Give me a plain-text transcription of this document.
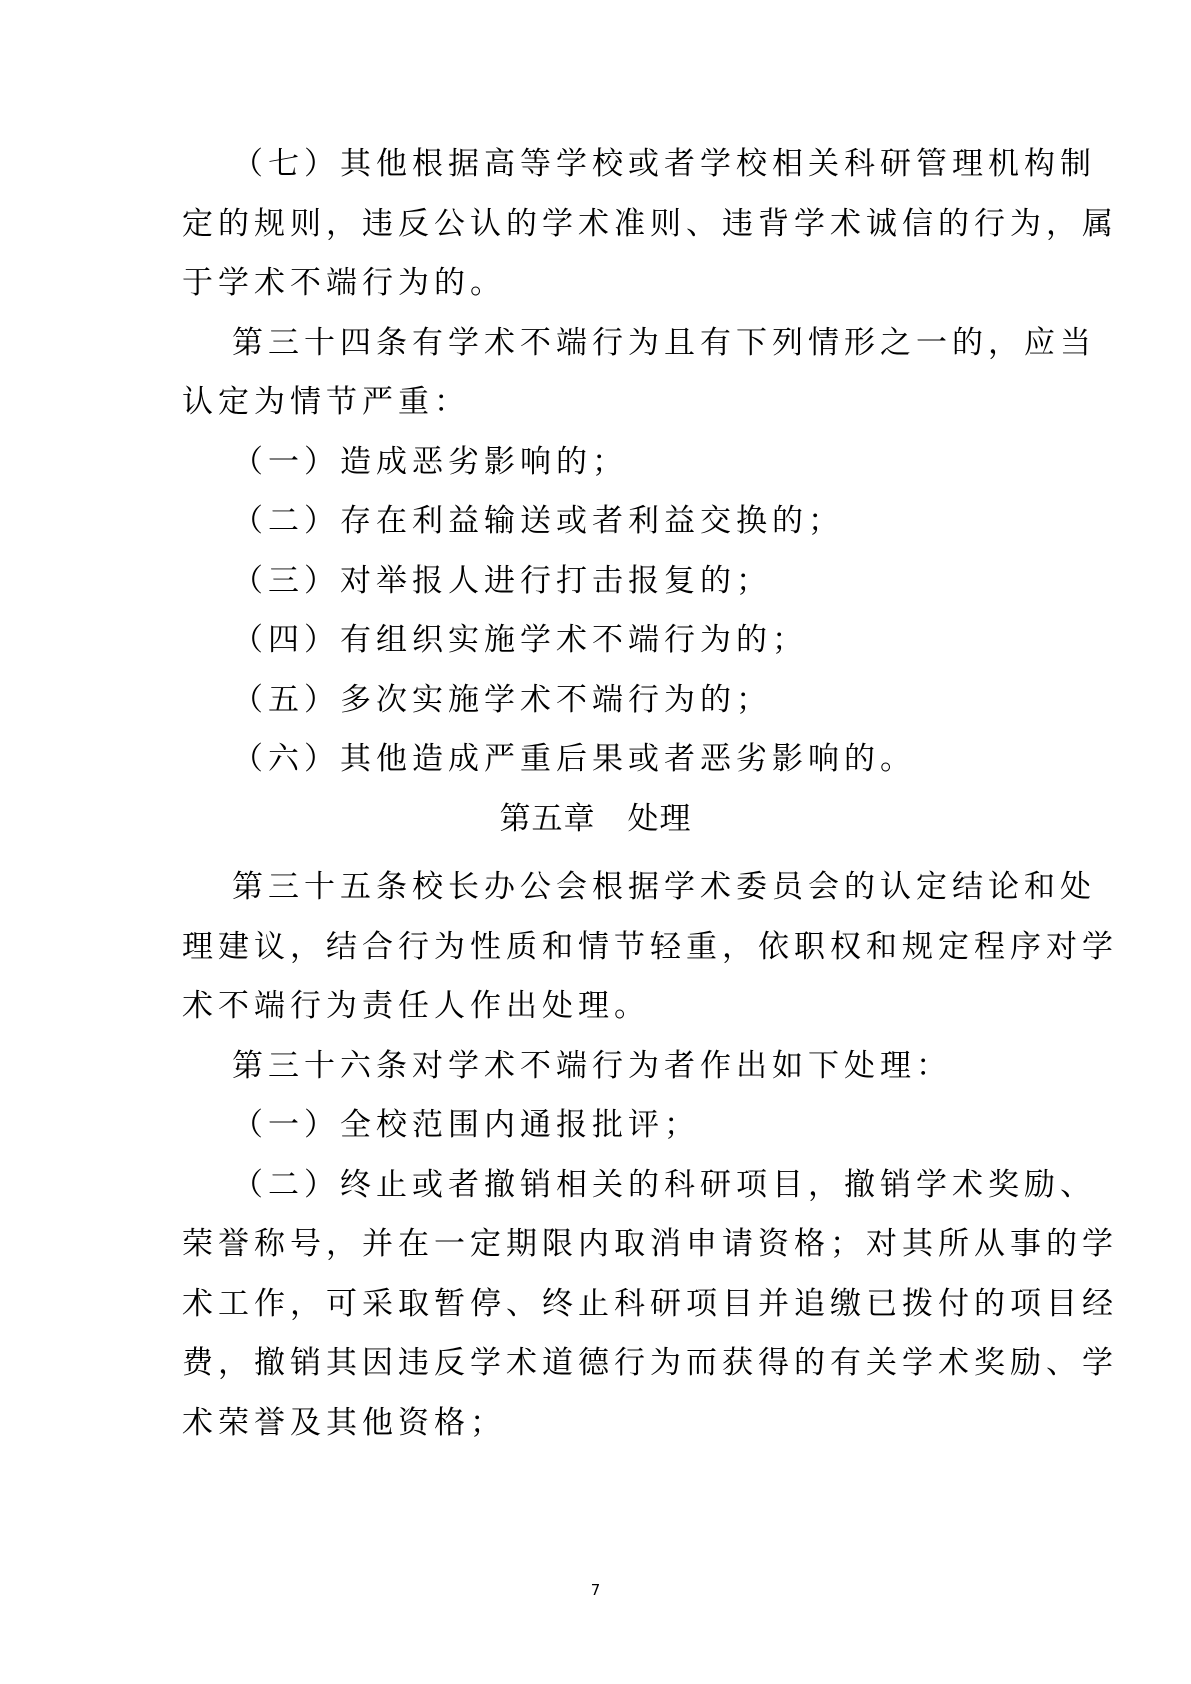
（七）其他根据高等学校或者学校相关科研管理机构制
定的规则，违反公认的学术准则、违背学术诚信的行为，属
于学术不端行为的。
第三十四条有学术不端行为且有下列情形之一的，应当
认定为情节严重：
（一）造成恶劣影响的；
（二）存在利益输送或者利益交换的；
（三）对举报人进行打击报复的；
（四）有组织实施学术不端行为的；
（五）多次实施学术不端行为的；
（六）其他造成严重后果或者恶劣影响的。
第五章　处理
第三十五条校长办公会根据学术委员会的认定结论和处
理建议，结合行为性质和情节轻重，依职权和规定程序对学
术不端行为责任人作出处理。
第三十六条对学术不端行为者作出如下处理：
（一）全校范围内通报批评；
（二）终止或者撤销相关的科研项目，撤销学术奖励、
荣誉称号，并在一定期限内取消申请资格；对其所从事的学
术工作，可采取暂停、终止科研项目并追缴已拨付的项目经
费，撤销其因违反学术道德行为而获得的有关学术奖励、学
术荣誉及其他资格；
7
